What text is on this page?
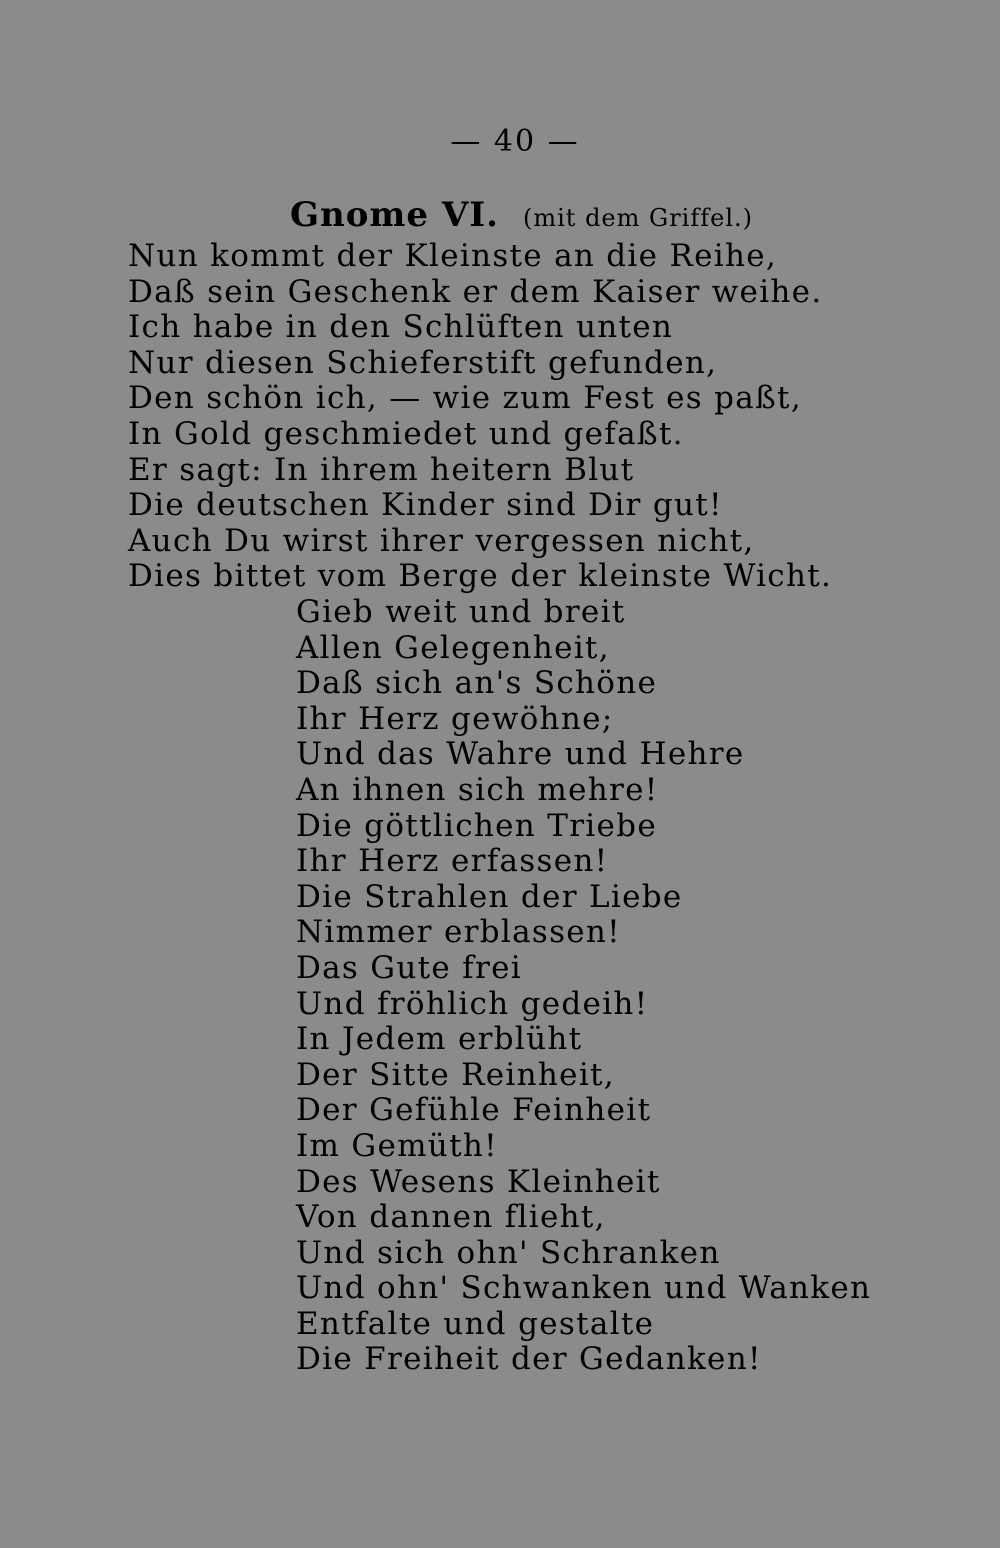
— 40 —
Gnome VI. (mit dem Griffel.)
Nun kommt der Kleinste an die Reihe,
Daß sein Geschenk er dem Kaiser weihe.
Ich habe in den Schlüften unten
Nur diesen Schieferstift gefunden,
Den schön ich, — wie zum Fest es paßt,
In Gold geschmiedet und gefaßt.
Er sagt: In ihrem heitern Blut
Die deutschen Kinder sind Dir gut!
Auch Du wirst ihrer vergessen nicht,
Dies bittet vom Berge der kleinste Wicht.
Gieb weit und breit
Allen Gelegenheit,
Daß sich an's Schöne
Ihr Herz gewöhne;
Und das Wahre und Hehre
An ihnen sich mehre!
Die göttlichen Triebe
Ihr Herz erfassen!
Die Strahlen der Liebe
Nimmer erblassen!
Das Gute frei
Und fröhlich gedeih!
In Jedem erblüht
Der Sitte Reinheit,
Der Gefühle Feinheit
Im Gemüth!
Des Wesens Kleinheit
Von dannen flieht,
Und sich ohn' Schranken
Und ohn' Schwanken und Wanken
Entfalte und gestalte
Die Freiheit der Gedanken!
